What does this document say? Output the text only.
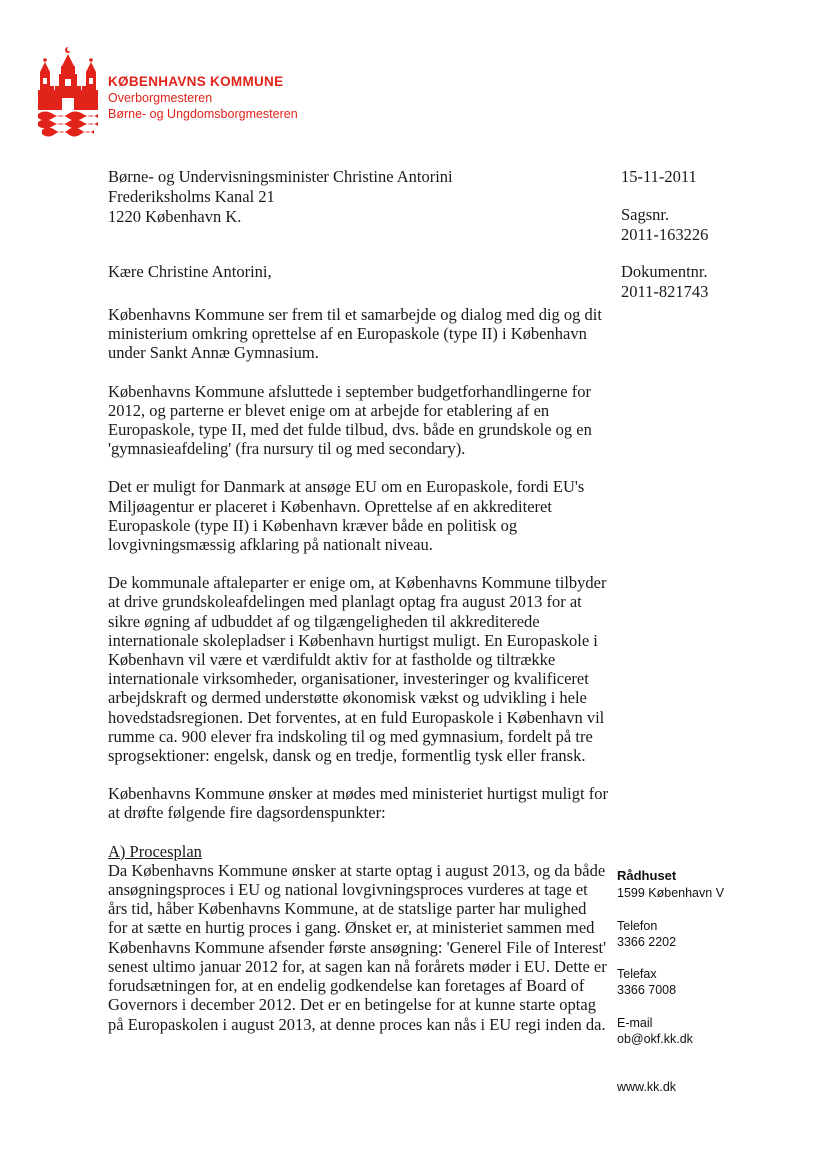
KØBENHAVNS KOMMUNE
Overborgmesteren
Børne- og Ungdomsborgmesteren
Børne- og Undervisningsminister Christine Antorini
Frederiksholms Kanal 21
1220 København K.
15-11-2011
Sagsnr.
2011-163226
Dokumentnr.
2011-821743
Kære Christine Antorini,

Københavns Kommune ser frem til et samarbejde og dialog med dig og dit ministerium omkring oprettelse af en Europaskole (type II) i København under Sankt Annæ Gymnasium.

Københavns Kommune afsluttede i september budgetforhandlingerne for 2012, og parterne er blevet enige om at arbejde for etablering af en Europaskole, type II, med det fulde tilbud, dvs. både en grundskole og en 'gymnasieafdeling' (fra nursury til og med secondary).

Det er muligt for Danmark at ansøge EU om en Europaskole, fordi EU's Miljøagentur er placeret i København. Oprettelse af en akkrediteret Europaskole (type II) i København kræver både en politisk og lovgivningsmæssig afklaring på nationalt niveau.

De kommunale aftaleparter er enige om, at Københavns Kommune tilbyder at drive grundskoleafdelingen med planlagt optag fra august 2013 for at sikre øgning af udbuddet af og tilgængeligheden til akkrediterede internationale skolepladser i København hurtigst muligt. En Europaskole i København vil være et værdifuldt aktiv for at fastholde og tiltrække internationale virksomheder, organisationer, investeringer og kvalificeret arbejdskraft og dermed understøtte økonomisk vækst og udvikling i hele hovedstadsregionen. Det forventes, at en fuld Europaskole i København vil rumme ca. 900 elever fra indskoling til og med gymnasium, fordelt på tre sprogsektioner: engelsk, dansk og en tredje, formentlig tysk eller fransk.

Københavns Kommune ønsker at mødes med ministeriet hurtigst muligt for at drøfte følgende fire dagsordenspunkter:

A) Procesplan
Da Københavns Kommune ønsker at starte optag i august 2013, og da både ansøgningsproces i EU og national lovgivningsproces vurderes at tage et års tid, håber Københavns Kommune, at de statslige parter har mulighed for at sætte en hurtig proces i gang. Ønsket er, at ministeriet sammen med Københavns Kommune afsender første ansøgning: 'Generel File of Interest' senest ultimo januar 2012 for, at sagen kan nå forårets møder i EU. Dette er forudsætningen for, at en endelig godkendelse kan foretages af Board of Governors i december 2012. Det er en betingelse for at kunne starte optag på Europaskolen i august 2013, at denne proces kan nås i EU regi inden da.

Rådhuset
1599 København V
Telefon
3366 2202
Telefax
3366 7008
E-mail
ob@okf.kk.dk
www.kk.dk
